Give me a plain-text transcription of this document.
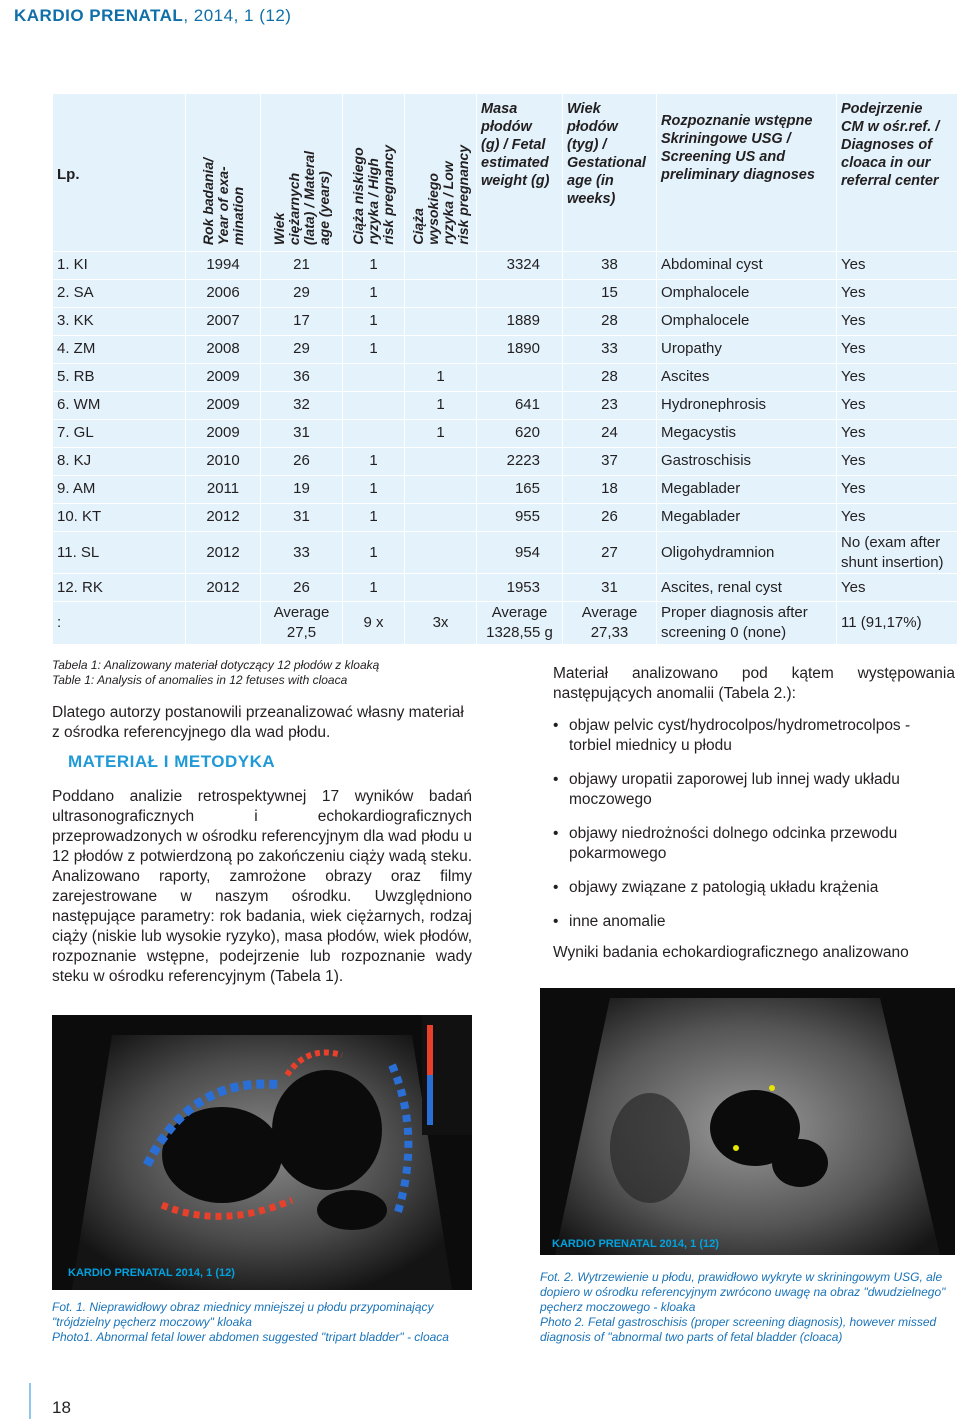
KARDIO PRENATAL, 2014, 1 (12)
Lp.	Rok badania/
Year of exa-
mination	Wiek
ciężarnych
(lata) / Materal
age (years)	Ciąża niskiego
ryzyka / High
risk pregnancy	Ciąża
wysokiego
ryzyka / Low
risk pregnancy	Masa
płodów
(g) / Fetal
estimated
weight (g)	Wiek płodów
(tyg) /
Gestational
age (in
weeks)	Rozpoznanie wstępne
Skriningowe USG /
Screening US and
preliminary diagnoses	Podejrzenie
CM w ośr.ref. /
Diagnoses of
cloaca in our
referral center
1. KI	1994	21	1		3324	38	Abdominal cyst	Yes
2. SA	2006	29	1			15	Omphalocele	Yes
3. KK	2007	17	1		1889	28	Omphalocele	Yes
4. ZM	2008	29	1		1890	33	Uropathy	Yes
5. RB	2009	36		1		28	Ascites	Yes
6. WM	2009	32		1	641	23	Hydronephrosis	Yes
7. GL	2009	31		1	620	24	Megacystis	Yes
8. KJ	2010	26	1		2223	37	Gastroschisis	Yes
9. AM	2011	19	1		165	18	Megablader	Yes
10. KT	2012	31	1		955	26	Megablader	Yes
11. SL	2012	33	1		954	27	Oligohydramnion	No (exam after shunt insertion)
12. RK	2012	26	1		1953	31	Ascites, renal cyst	Yes
:		Average
27,5	9 x	3x	Average
1328,55 g	Average
27,33	Proper diagnosis after
screening 0 (none)	11 (91,17%)
Tabela 1: Analizowany materiał dotyczący 12 płodów z kloaką
Table 1: Analysis of anomalies in 12 fetuses with cloaca
Dlatego autorzy postanowili przeanalizować własny materiał z ośrodka referencyjnego dla wad płodu.
MATERIAŁ I METODYKA
Poddano analizie retrospektywnej 17 wyników badań ultrasonograficznych i echokardiograficznych przeprowadzonych w ośrodku referencyjnym dla wad płodu u 12 płodów z potwierdzoną po zakończeniu ciąży wadą steku. Analizowano raporty, zamrożone obrazy oraz filmy zarejestrowane w naszym ośrodku. Uwzględniono następujące parametry: rok badania, wiek ciężarnych, rodzaj ciąży (niskie lub wysokie ryzyko), masa płodów, wiek płodów, rozpoznanie wstępne, podejrzenie lub rozpoznanie wady steku w ośrodku referencyjnym (Tabela 1).
Materiał analizowano pod kątem występowania następujących anomalii (Tabela 2.):
• objaw pelvic cyst/hydrocolpos/hydrometrocolpos - torbiel miednicy u płodu
• objawy uropatii zaporowej lub innej wady układu moczowego
• objawy niedrożności dolnego odcinka przewodu pokarmowego
• objawy związane z patologią układu krążenia
• inne anomalie
Wyniki badania echokardiograficznego analizowano
KARDIO PRENATAL 2014, 1 (12)
KARDIO PRENATAL 2014, 1 (12)
Fot. 1. Nieprawidłowy obraz miednicy mniejszej u płodu przypominający "trójdzielny pęcherz moczowy" kloaka
Photo1. Abnormal fetal lower abdomen suggested "tripart bladder" - cloaca
Fot. 2. Wytrzewienie u płodu, prawidłowo wykryte w skriningowym USG, ale dopiero w ośrodku referencyjnym zwrócono uwagę na obraz "dwudzielnego" pęcherz moczowego - kloaka
Photo 2. Fetal gastroschisis (proper screening diagnosis), however missed diagnosis of "abnormal two parts of fetal bladder (cloaca)
18
